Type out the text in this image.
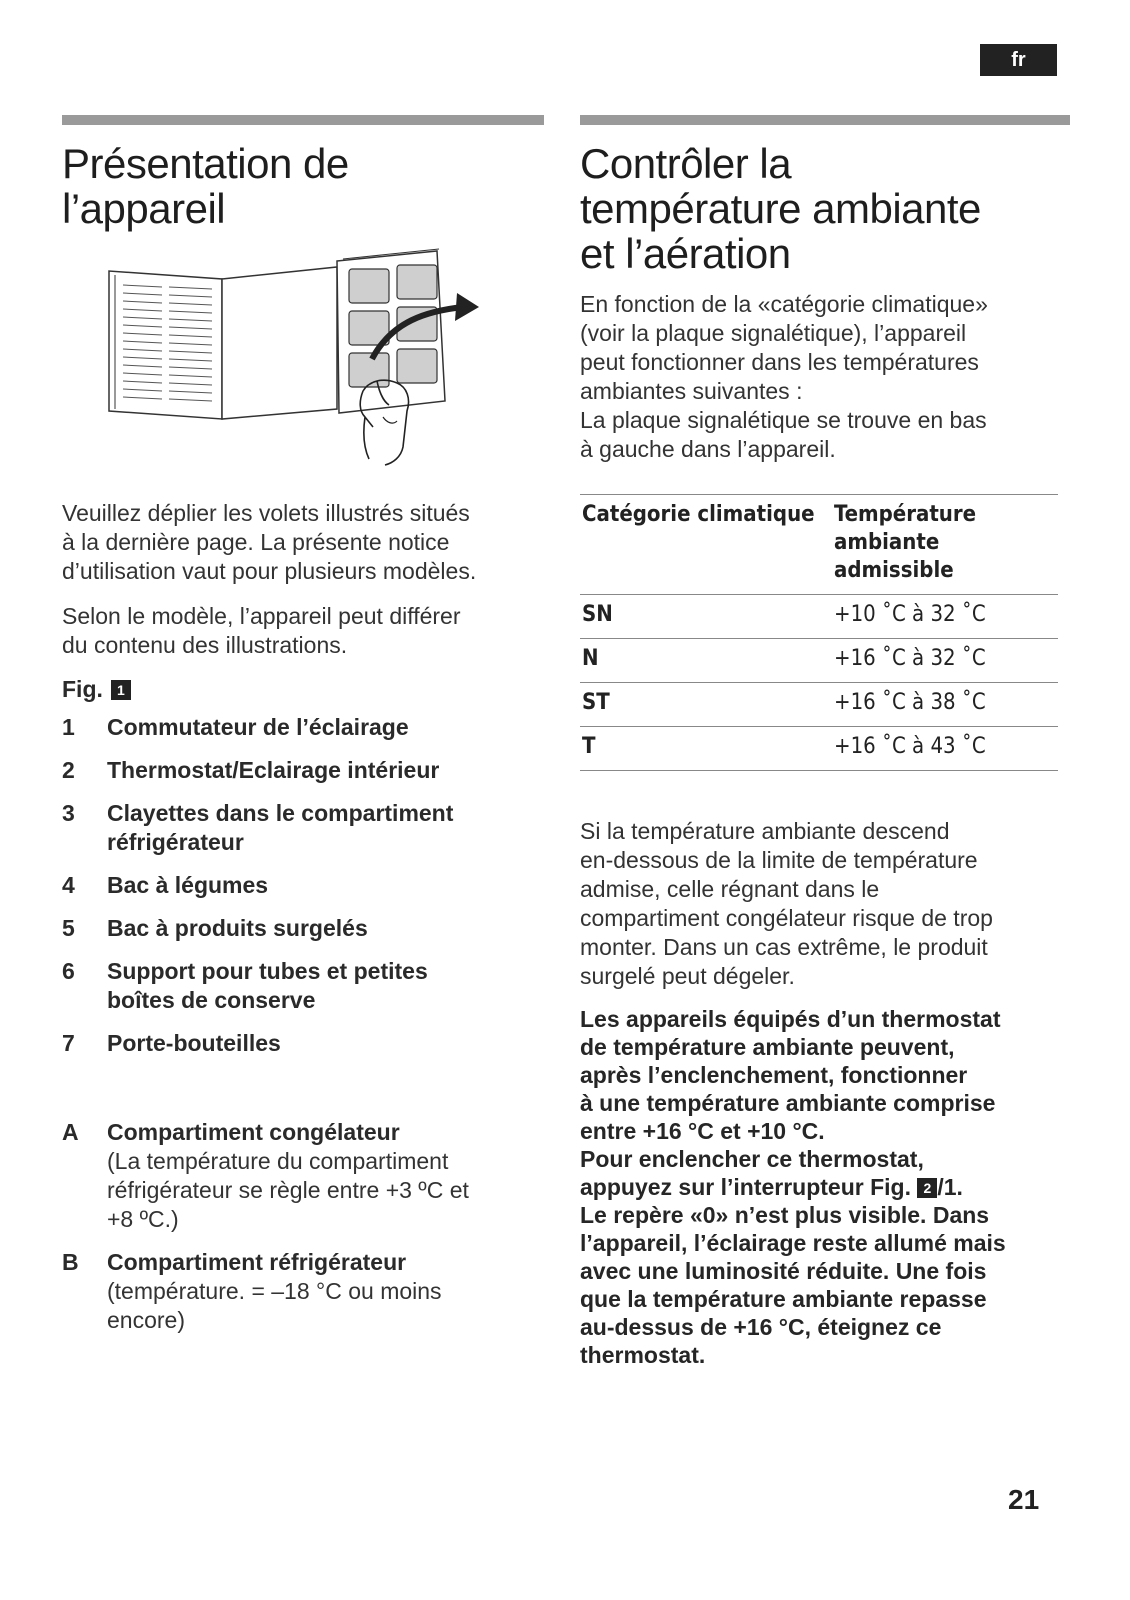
fr
Présentation de
l’appareil

Veuillez déplier les volets illustrés situés
à la dernière page. La présente notice
d’utilisation vaut pour plusieurs modèles.

Selon le modèle, l’appareil peut différer
du contenu des illustrations.

Fig.	1
1	Commutateur de l’éclairage
2	Thermostat/Eclairage intérieur
3	Clayettes dans le compartiment
réfrigérateur
4	Bac à légumes
5	Bac à produits surgelés
6	Support pour tubes et petites
boîtes de conserve
7	Porte-bouteilles
A	Compartiment congélateur
(La température du compartiment
réfrigérateur se règle entre +3 ºC et
+8 ºC.)
B	Compartiment réfrigérateur
(température. = –18 °C ou moins
encore)
Contrôler la
température ambiante
et l’aération

En fonction de la «catégorie climatique»
(voir la plaque signalétique), l’appareil
peut fonctionner dans les températures
ambiantes suivantes :
La plaque signalétique se trouve en bas
à gauche dans l’appareil.

Catégorie climatique	Température
ambiante admissible

SN	+10 ˚C à 32 ˚C
N	+16 ˚C à 32 ˚C
ST	+16 ˚C à 38 ˚C
T	+16 ˚C à 43 ˚C

Si la température ambiante descend
en-dessous de la limite de température
admise, celle régnant dans le
compartiment congélateur risque de trop
monter. Dans un cas extrême, le produit
surgelé peut dégeler.

Les appareils équipés d’un thermostat
de température ambiante peuvent,
après l’enclenchement, fonctionner
à une température ambiante comprise
entre +16 °C et +10 °C.
Pour enclencher ce thermostat,
appuyez sur l’interrupteur Fig. 2 /1.
Le repère «0» n’est plus visible. Dans
l’appareil, l’éclairage reste allumé mais
avec une luminosité réduite. Une fois
que la température ambiante repasse
au-dessus de +16 °C, éteignez ce
thermostat.
21
